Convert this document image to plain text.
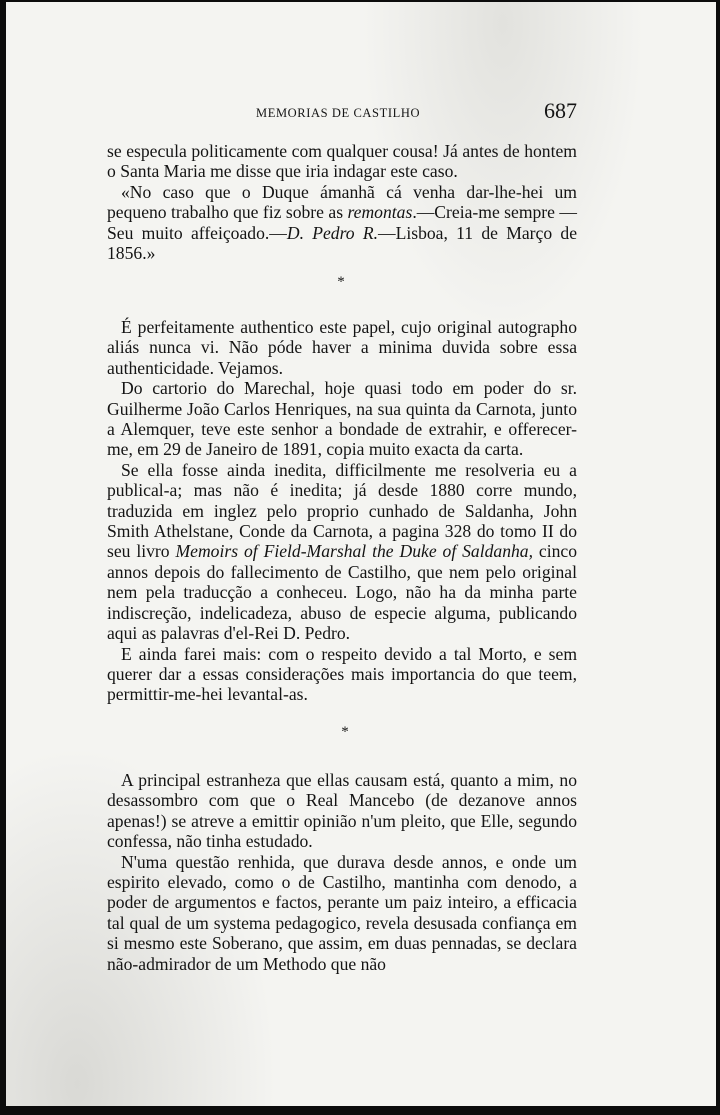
MEMORIAS DE CASTILHO	687

se especula politicamente com qualquer cousa! Já antes de hontem o Santa Maria me disse que iria indagar este caso.

«No caso que o Duque ámanhã cá venha dar-lhe-hei um pequeno trabalho que fiz sobre as remontas.—Creia-me sempre —Seu muito affeiçoado.—D. Pedro R.—Lisboa, 11 de Março de 1856.»

*

É perfeitamente authentico este papel, cujo original autographo aliás nunca vi. Não póde haver a minima duvida sobre essa authenticidade. Vejamos.

Do cartorio do Marechal, hoje quasi todo em poder do sr. Guilherme João Carlos Henriques, na sua quinta da Carnota, junto a Alemquer, teve este senhor a bondade de extrahir, e offerecer-me, em 29 de Janeiro de 1891, copia muito exacta da carta.

Se ella fosse ainda inedita, difficilmente me resolveria eu a publical-a; mas não é inedita; já desde 1880 corre mundo, traduzida em inglez pelo proprio cunhado de Saldanha, John Smith Athelstane, Conde da Carnota, a pagina 328 do tomo II do seu livro Memoirs of Field-Marshal the Duke of Saldanha, cinco annos depois do fallecimento de Castilho, que nem pelo original nem pela traducção a conheceu. Logo, não ha da minha parte indiscreção, indelicadeza, abuso de especie alguma, publicando aqui as palavras d'el-Rei D. Pedro.

E ainda farei mais: com o respeito devido a tal Morto, e sem querer dar a essas considerações mais importancia do que teem, permittir-me-hei levantal-as.

*

A principal estranheza que ellas causam está, quanto a mim, no desassombro com que o Real Mancebo (de dezanove annos apenas!) se atreve a emittir opinião n'um pleito, que Elle, segundo confessa, não tinha estudado.

N'uma questão renhida, que durava desde annos, e onde um espirito elevado, como o de Castilho, mantinha com denodo, a poder de argumentos e factos, perante um paiz inteiro, a efficacia tal qual de um systema pedagogico, revela desusada confiança em si mesmo este Soberano, que assim, em duas pennadas, se declara não-admirador de um Methodo que não
